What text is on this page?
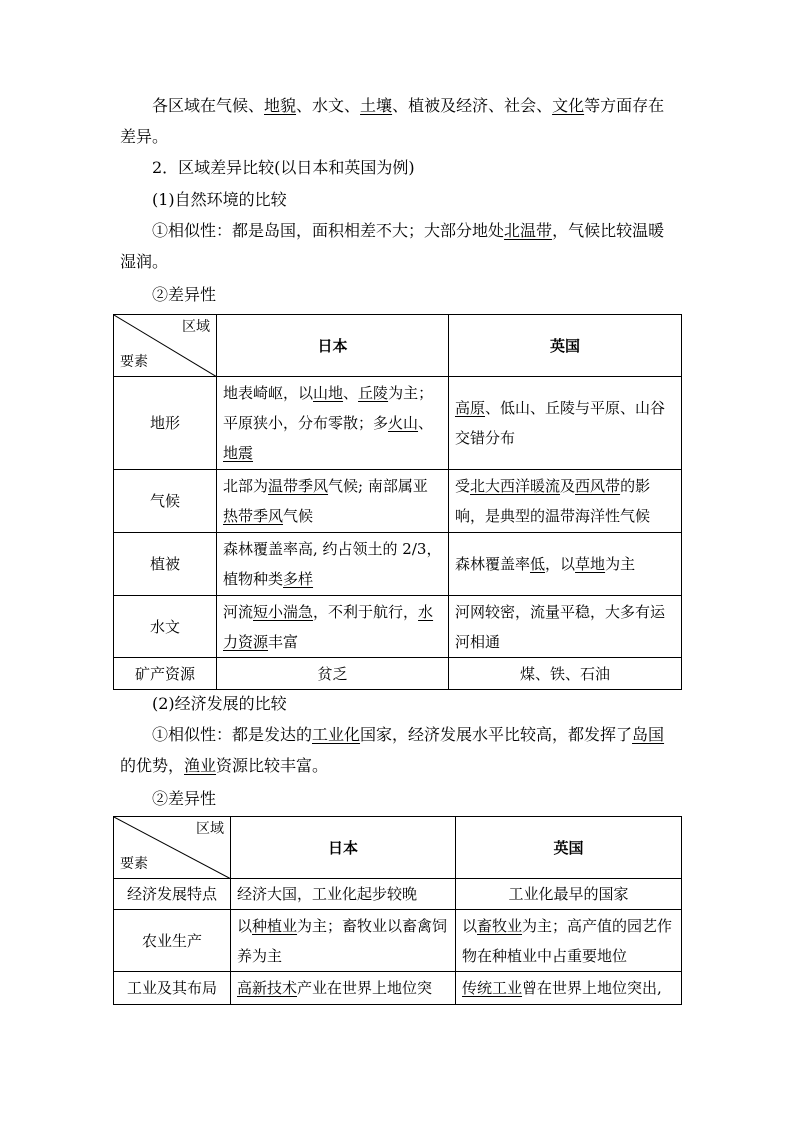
各区域在气候、地貌、水文、土壤、植被及经济、社会、文化等方面存在差异。

2．区域差异比较(以日本和英国为例)

(1)自然环境的比较

①相似性：都是岛国，面积相差不大；大部分地处北温带，气候比较温暖湿润。

②差异性

区域
要素	日本	英国
地形	地表崎岖，以山地、丘陵为主；平原狭小，分布零散；多火山、地震	高原、低山、丘陵与平原、山谷交错分布
气候	北部为温带季风气候; 南部属亚热带季风气候	受北大西洋暖流及西风带的影响，是典型的温带海洋性气候
植被	森林覆盖率高, 约占领土的 2/3，植物种类多样	森林覆盖率低，以草地为主
水文	河流短小湍急，不利于航行，水力资源丰富	河网较密，流量平稳，大多有运河相通
矿产资源	贫乏	煤、铁、石油

(2)经济发展的比较

①相似性：都是发达的工业化国家，经济发展水平比较高，都发挥了岛国的优势，渔业资源比较丰富。

②差异性

区域
要素	日本	英国
经济发展特点	经济大国，工业化起步较晚	工业化最早的国家
农业生产	以种植业为主；畜牧业以畜禽饲养为主	以畜牧业为主；高产值的园艺作物在种植业中占重要地位
工业及其布局	高新技术产业在世界上地位突	传统工业曾在世界上地位突出,
